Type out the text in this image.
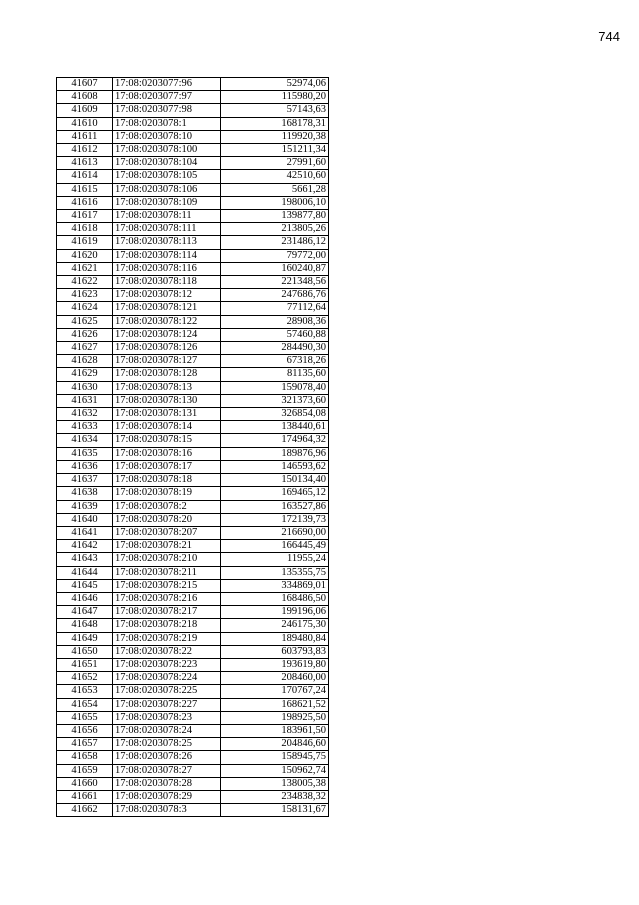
744
41607	17:08:0203077:96	52974,06
41608	17:08:0203077:97	115980,20
41609	17:08:0203077:98	57143,63
41610	17:08:0203078:1	168178,31
41611	17:08:0203078:10	119920,38
41612	17:08:0203078:100	151211,34
41613	17:08:0203078:104	27991,60
41614	17:08:0203078:105	42510,60
41615	17:08:0203078:106	5661,28
41616	17:08:0203078:109	198006,10
41617	17:08:0203078:11	139877,80
41618	17:08:0203078:111	213805,26
41619	17:08:0203078:113	231486,12
41620	17:08:0203078:114	79772,00
41621	17:08:0203078:116	160240,87
41622	17:08:0203078:118	221348,56
41623	17:08:0203078:12	247686,76
41624	17:08:0203078:121	77112,64
41625	17:08:0203078:122	28908,36
41626	17:08:0203078:124	57460,88
41627	17:08:0203078:126	284490,30
41628	17:08:0203078:127	67318,26
41629	17:08:0203078:128	81135,60
41630	17:08:0203078:13	159078,40
41631	17:08:0203078:130	321373,60
41632	17:08:0203078:131	326854,08
41633	17:08:0203078:14	138440,61
41634	17:08:0203078:15	174964,32
41635	17:08:0203078:16	189876,96
41636	17:08:0203078:17	146593,62
41637	17:08:0203078:18	150134,40
41638	17:08:0203078:19	169465,12
41639	17:08:0203078:2	163527,86
41640	17:08:0203078:20	172139,73
41641	17:08:0203078:207	216690,00
41642	17:08:0203078:21	166445,49
41643	17:08:0203078:210	11955,24
41644	17:08:0203078:211	135355,75
41645	17:08:0203078:215	334869,01
41646	17:08:0203078:216	168486,50
41647	17:08:0203078:217	199196,06
41648	17:08:0203078:218	246175,30
41649	17:08:0203078:219	189480,84
41650	17:08:0203078:22	603793,83
41651	17:08:0203078:223	193619,80
41652	17:08:0203078:224	208460,00
41653	17:08:0203078:225	170767,24
41654	17:08:0203078:227	168621,52
41655	17:08:0203078:23	198925,50
41656	17:08:0203078:24	183961,50
41657	17:08:0203078:25	204846,60
41658	17:08:0203078:26	158945,75
41659	17:08:0203078:27	150962,74
41660	17:08:0203078:28	138005,38
41661	17:08:0203078:29	234838,32
41662	17:08:0203078:3	158131,67
